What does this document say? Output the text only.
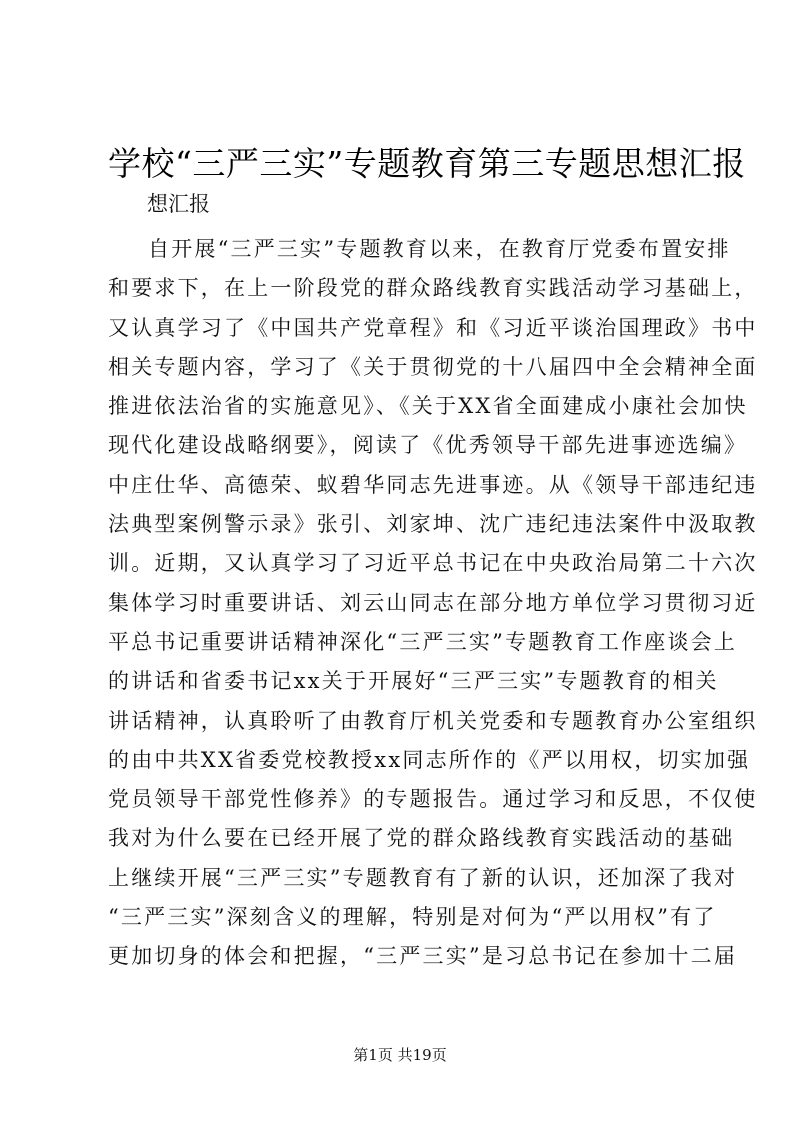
学校“三严三实”专题教育第三专题思想汇报
想汇报
自开展“三严三实”专题教育以来，在教育厅党委布置安排
和要求下，在上一阶段党的群众路线教育实践活动学习基础上，
又认真学习了《中国共产党章程》和《习近平谈治国理政》书中
相关专题内容，学习了《关于贯彻党的十八届四中全会精神全面
推进依法治省的实施意见》、《关于XX省全面建成小康社会加快
现代化建设战略纲要》，阅读了《优秀领导干部先进事迹选编》
中庄仕华、高德荣、蚁碧华同志先进事迹。从《领导干部违纪违
法典型案例警示录》张引、刘家坤、沈广违纪违法案件中汲取教
训。近期，又认真学习了习近平总书记在中央政治局第二十六次
集体学习时重要讲话、刘云山同志在部分地方单位学习贯彻习近
平总书记重要讲话精神深化“三严三实”专题教育工作座谈会上
的讲话和省委书记xx关于开展好“三严三实”专题教育的相关
讲话精神，认真聆听了由教育厅机关党委和专题教育办公室组织
的由中共XX省委党校教授xx同志所作的《严以用权，切实加强
党员领导干部党性修养》的专题报告。通过学习和反思，不仅使
我对为什么要在已经开展了党的群众路线教育实践活动的基础
上继续开展“三严三实”专题教育有了新的认识，还加深了我对
“三严三实”深刻含义的理解，特别是对何为“严以用权”有了
更加切身的体会和把握，“三严三实”是习总书记在参加十二届
第1页 共19页
